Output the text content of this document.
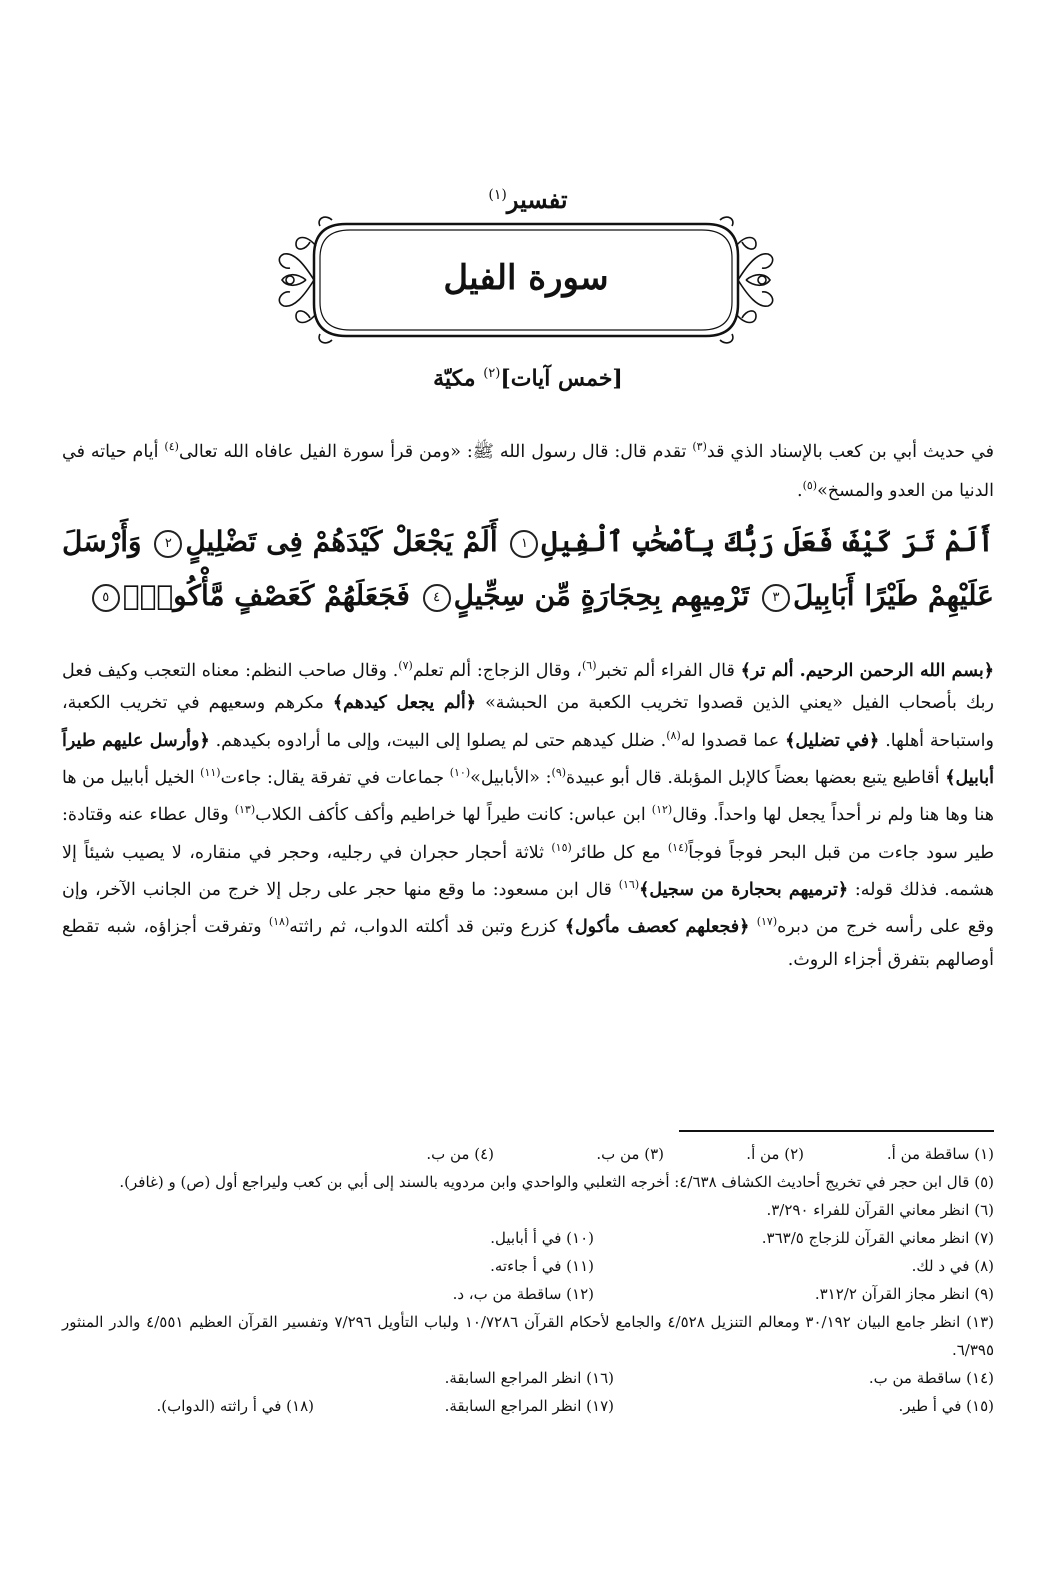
تفسير$^{(١)}$
سورة الفيل
[خمس آيات]$^{(٢)}$ مكيّة
في حديث أبي بن كعب بالإسناد الذي قد$^{(٣)}$ تقدم قال: قال رسول الله ﷺ: «ومن قرأ سورة الفيل عافاه الله تعالى$^{(٤)}$ أيام حياته في الدنيا من العدو والمسخ»$^{(٥)}$.
أَلَمْ تَرَ كَيْفَ فَعَلَ رَبُّكَ بِأَصْحَٰبِ ٱلْفِيلِ١ أَلَمْ يَجْعَلْ كَيْدَهُمْ فِى تَضْلِيلٍ٢ وَأَرْسَلَ عَلَيْهِمْ طَيْرًا أَبَابِيلَ٣ تَرْمِيهِم بِحِجَارَةٍ مِّن سِجِّيلٍ٤ فَجَعَلَهُمْ كَعَصْفٍ مَّأْكُولٍۭ٥
﴿بسم الله الرحمن الرحيم. ألم تر﴾ قال الفراء ألم تخبر$^{(٦)}$، وقال الزجاج: ألم تعلم$^{(٧)}$. وقال صاحب النظم: معناه التعجب وكيف فعل ربك بأصحاب الفيل «يعني الذين قصدوا تخريب الكعبة من الحبشة» ﴿ألم يجعل كيدهم﴾ مكرهم وسعيهم في تخريب الكعبة، واستباحة أهلها. ﴿في تضليل﴾ عما قصدوا له$^{(٨)}$. ضلل كيدهم حتى لم يصلوا إلى البيت، وإلى ما أرادوه بكيدهم. ﴿وأرسل عليهم طيراً أبابيل﴾ أقاطيع يتبع بعضها بعضاً كالإبل المؤبلة. قال أبو عبيدة$^{(٩)}$: «الأبابيل»$^{(١٠)}$ جماعات في تفرقة يقال: جاءت$^{(١١)}$ الخيل أبابيل من ها هنا وها هنا ولم نر أحداً يجعل لها واحداً. وقال$^{(١٢)}$ ابن عباس: كانت طيراً لها خراطيم وأكف كأكف الكلاب$^{(١٣)}$ وقال عطاء عنه وقتادة: طير سود جاءت من قبل البحر فوجاً فوجاً$^{(١٤)}$ مع كل طائر$^{(١٥)}$ ثلاثة أحجار حجران في رجليه، وحجر في منقاره، لا يصيب شيئاً إلا هشمه. فذلك قوله: ﴿ترميهم بحجارة من سجيل﴾$^{(١٦)}$ قال ابن مسعود: ما وقع منها حجر على رجل إلا خرج من الجانب الآخر، وإن وقع على رأسه خرج من دبره$^{(١٧)}$ ﴿فجعلهم كعصف مأكول﴾ كزرع وتبن قد أكلته الدواب، ثم راثته$^{(١٨)}$ وتفرقت أجزاؤه، شبه تقطع أوصالهم بتفرق أجزاء الروث.
(١) ساقطة من أ.
(٢) من أ.
(٣) من ب.
(٤) من ب.
(٥) قال ابن حجر في تخريج أحاديث الكشاف ٤/٦٣٨: أخرجه الثعلبي والواحدي وابن مردويه بالسند إلى أبي بن كعب وليراجع أول (ص) و (غافر).
(٦) انظر معاني القرآن للفراء ٣/٢٩٠.
(٧) انظر معاني القرآن للزجاج ٣٦٣/٥.
(١٠) في أ أبابيل.
(٨) في د لك.
(١١) في أ جاءته.
(٩) انظر مجاز القرآن ٣١٢/٢.
(١٢) ساقطة من ب، د.
(١٣) انظر جامع البيان ٣٠/١٩٢ ومعالم التنزيل ٤/٥٢٨ والجامع لأحكام القرآن ١٠/٧٢٨٦ ولباب التأويل ٧/٢٩٦ وتفسير القرآن العظيم ٤/٥٥١ والدر المنثور ٦/٣٩٥.
(١٤) ساقطة من ب.
(١٦) انظر المراجع السابقة.
(١٥) في أ طير.
(١٧) انظر المراجع السابقة.
(١٨) في أ راثته (الدواب).
